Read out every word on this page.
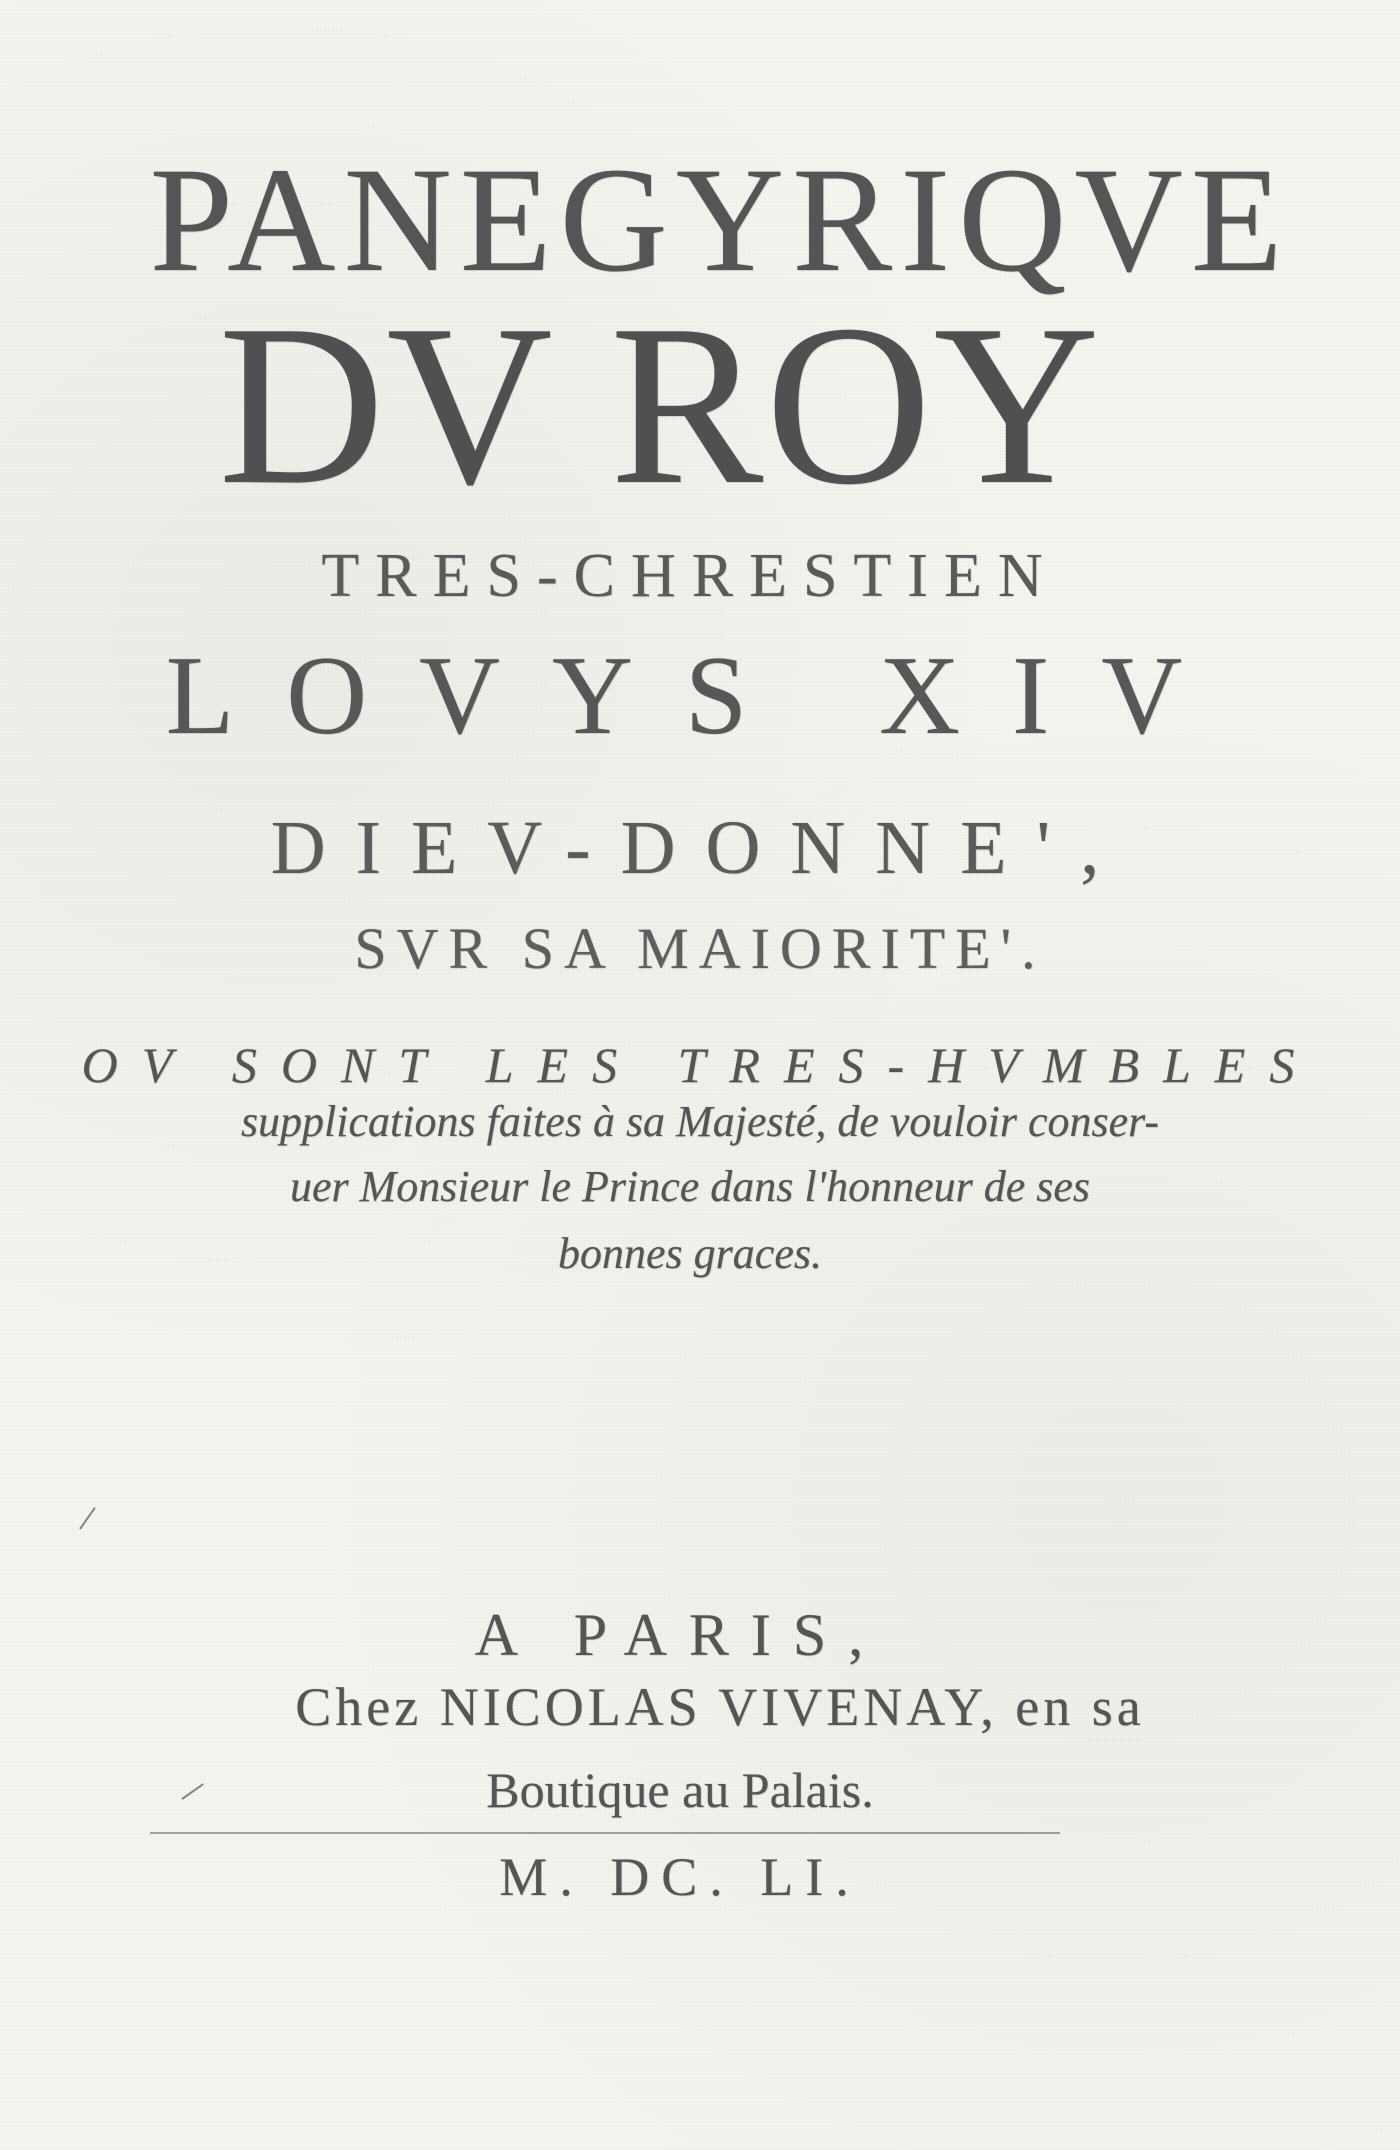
PANEGYRIQVE

DV ROY

TRES-CHRESTIEN

LOVYS XIV

DIEV-DONNE',

SVR SA MAIORITE'.

OV SONT LES TRES-HVMBLES

supplications faites à sa Majesté, de vouloir conser-

uer Monsieur le Prince dans l'honneur de ses

bonnes graces.

A PARIS,

Chez NICOLAS VIVENAY, en sa

Boutique au Palais.

M. DC. LI.
